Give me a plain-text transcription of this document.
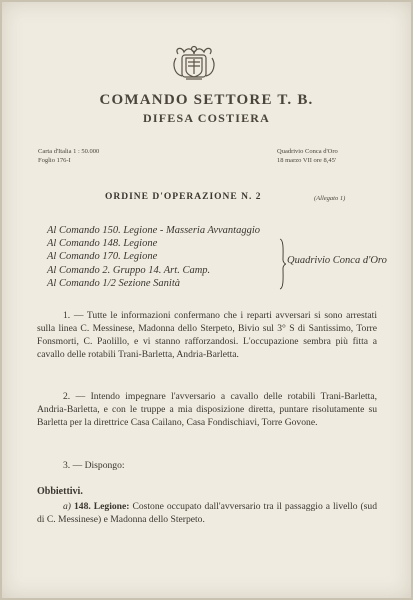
COMANDO SETTORE T. B.
DIFESA COSTIERA
Carta d'Italia 1 : 50.000
Foglio 176-I
Quadrivio Conca d'Oro
18 marzo VII ore 8,45'
ORDINE D'OPERAZIONE N. 2	(Allegato 1)
Al Comando 150. Legione - Masseria Avvantaggio
Al Comando 148. Legione
Al Comando 170. Legione
Al Comando 2. Gruppo 14. Art. Camp.
Al Comando 1/2 Sezione Sanità
Quadrivio Conca d'Oro

1. — Tutte le informazioni confermano che i reparti avversari si sono arrestati sulla linea C. Messinese, Madonna dello Sterpeto, Bivio sul 3° S di Santissimo, Torre Fonsmorti, C. Paolillo, e vi stanno rafforzandosi. L'occupazione sembra più fitta a cavallo delle rotabili Trani-Barletta, Andria-Barletta.

2. — Intendo impegnare l'avversario a cavallo delle rotabili Trani-Barletta, Andria-Barletta, e con le truppe a mia disposizione diretta, puntare risolutamente su Barletta per la direttrice Casa Cailano, Casa Fondischiavi, Torre Govone.

3. — Dispongo:

Obbiettivi.

a) 148. Legione: Costone occupato dall'avversario tra il passaggio a livello (sud di C. Messinese) e Madonna dello Sterpeto.
